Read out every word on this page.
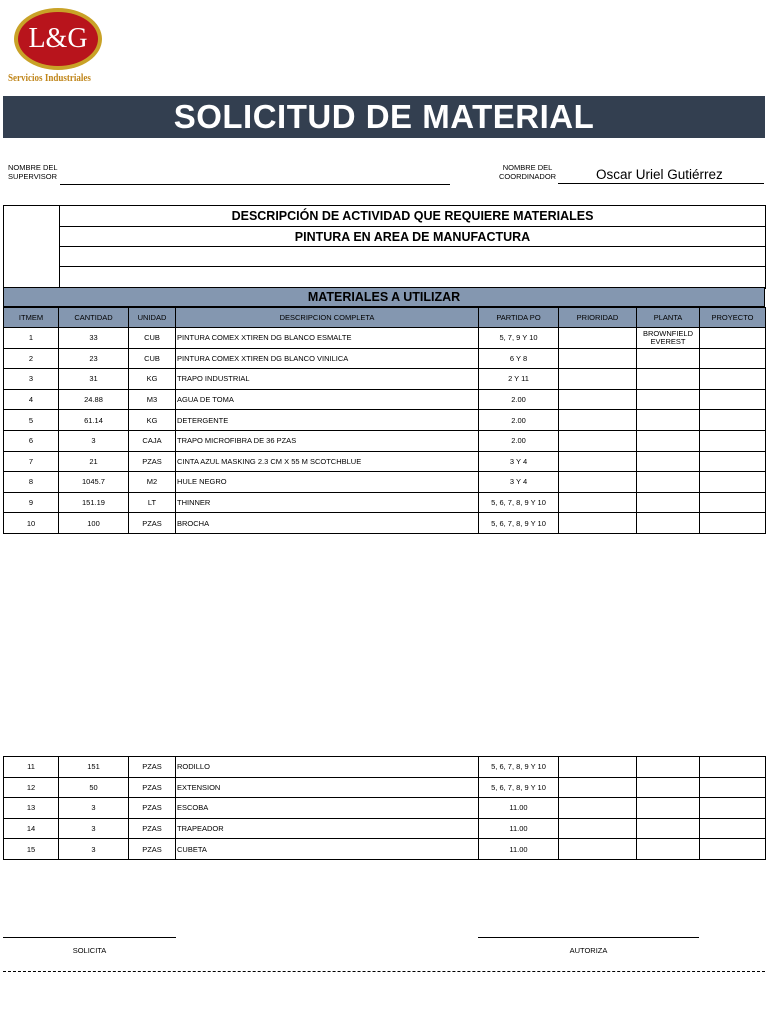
L&G
Servicios Industriales
SOLICITUD DE MATERIAL
NOMBRE DEL
SUPERVISOR
NOMBRE DEL
COORDINADOR	Oscar Uriel Gutiérrez
DESCRIPCIÓN DE ACTIVIDAD QUE REQUIERE MATERIALES
PINTURA EN AREA DE MANUFACTURA
MATERIALES A UTILIZAR
ITMEM	CANTIDAD	UNIDAD	DESCRIPCION COMPLETA	PARTIDA PO	PRIORIDAD	PLANTA	PROYECTO
1	33	CUB	PINTURA COMEX XTIREN DG BLANCO ESMALTE	5, 7, 9 Y 10		BROWNFIELD EVEREST	
2	23	CUB	PINTURA COMEX XTIREN DG BLANCO VINILICA	6 Y 8			
3	31	KG	TRAPO INDUSTRIAL	2 Y 11			
4	24.88	M3	AGUA DE TOMA	2.00			
5	61.14	KG	DETERGENTE	2.00			
6	3	CAJA	TRAPO MICROFIBRA DE 36 PZAS	2.00			
7	21	PZAS	CINTA AZUL MASKING 2.3 CM X 55 M SCOTCHBLUE	3 Y 4			
8	1045.7	M2	HULE NEGRO	3 Y 4			
9	151.19	LT	THINNER	5, 6, 7, 8, 9 Y 10			
10	100	PZAS	BROCHA	5, 6, 7, 8, 9 Y 10			
11	151	PZAS	RODILLO	5, 6, 7, 8, 9 Y 10			
12	50	PZAS	EXTENSION	5, 6, 7, 8, 9 Y 10			
13	3	PZAS	ESCOBA	11.00			
14	3	PZAS	TRAPEADOR	11.00			
15	3	PZAS	CUBETA	11.00			
SOLICITA	AUTORIZA
